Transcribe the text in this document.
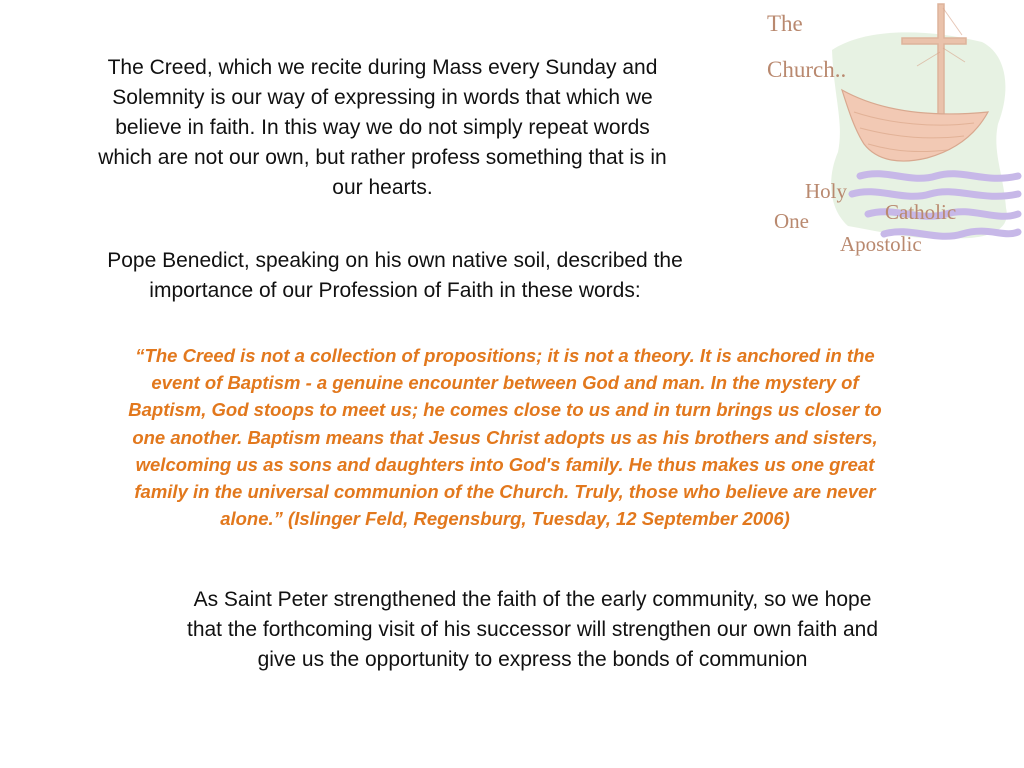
The Creed, which we recite during Mass every Sunday and
Solemnity is our way of expressing in words that which we
believe in faith. In this way we do not simply repeat words
which are not our own, but rather profess something that is in
our hearts.

Pope Benedict, speaking on his own native soil, described the
importance of our Profession of Faith in these words:

“The Creed is not a collection of propositions; it is not a theory. It is anchored in the
event of Baptism - a genuine encounter between God and man. In the mystery of
Baptism, God stoops to meet us; he comes close to us and in turn brings us closer to
one another. Baptism means that Jesus Christ adopts us as his brothers and sisters,
welcoming us as sons and daughters into God's family. He thus makes us one great
family in the universal communion of the Church. Truly, those who believe are never
alone.” (Islinger Feld, Regensburg, Tuesday, 12 September 2006)

As Saint Peter strengthened the faith of the early community, so we hope
that the forthcoming visit of his successor will strengthen our own faith and
give us the opportunity to express the bonds of communion

The
Church..
Holy
One	Catholic
Apostolic
